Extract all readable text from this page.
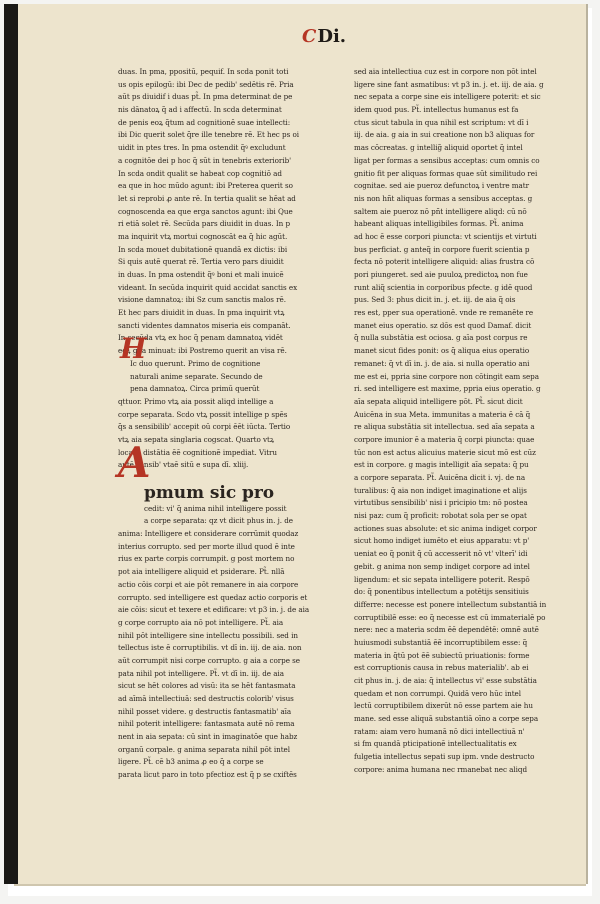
CDi.
duas. In pma, ppositū, pequif. In scda ponit toti
us opis epilogū: ibi Dec de pedib' sedētis rē. Pria
aūt ps diuidif i duas pt̃. In pma determinat de pe
nis dānatoꝝ q̃ ad i affectū. In scda determinat
de penis eoꝝ q̃tum ad cognitionē suae intellecti:
ibi Dic querit solet q̃re ille tenebre rē. Et hec ps oi
uidit in ptes tres. In pma ostendit q̃ꝰ excludunt
a cognitōe dei p hoc q̃ sūt in tenebris exteriorib'
In scda ondit qualit se habeat cop cognitiō ad
ea que in hoc mūdo agunt: ibi Preterea querit so
let si reprobi ꝓ ante rē. In tertia qualit se hēat ad
cognoscenda ea que erga sanctos agunt: ibi Que
ri etiā solet rē. Secūda pars diuidit in duas. In p
ma inquirit vtꝝ mortui cognoscāt ea q̃ hic agūt.
In scda mouet dubitationē quandā ex dictis: ibi
Si quis autē querat rē. Tertia vero pars diuidit
in duas. In pma ostendit q̃ꝰ boni et mali inuicē
videant. In secūda inquirit quid accidat sanctis ex
visione damnatoꝝ: ibi Sz cum sanctis malos rē.
Et hec pars diuidit in duas. In pma inquirit vtꝝ
sancti videntes damnatos miseria eis companāt.
In secūda vtꝝ ex hoc q̃ penam damnatoꝝ vidēt
eoꝝ glia minuat: ibi Postremo querit an visa rē.
Ic duo querunt. Primo de cognitione
naturali anime separate. Secundo de
pena damnatoꝝ. Circa primū querūt
qttuor. Primo vtꝝ aia possit aliqd intellige a
corpe separata. Scdo vtꝝ possit intellige p spēs
q̃s a sensibilib' accepit oū corpi ēēt iūcta. Tertio
vtꝝ aia sepata singlaria cogscat. Quarto vtꝝ
localis distātia ēē cognitionē impediat. Vitru
autē sensib' vtaē sitū e supa dī. xliij.
pmum sic pro
cedit: vi' q̃ anima nihil intelligere possit
a corpe separata: qz vt dicit phus in. j. de
anima: Intelligere et considerare corrūmit quodaz
interius corrupto. sed per morte illud quod ē inte
rius ex parte corpis corrumpit. g post mortem no
pot aia intelligere aliquid et psiderare. Pt̃. nllā
actio cōis corpi et aie pōt remanere in aia corpore
corrupto. sed intelligere est quedaz actio corporis et
aie cōis: sicut et texere et edificare: vt p3 in. j. de aia
g corpe corrupto aia nō pot intelligere. Pt̃. aia
nihil pōt intelligere sine intellectu possibili. sed in
tellectus iste ē corruptibilis. vt dī in. iij. de aia. non
aūt corrumpit nisi corpe corrupto. g aia a corpe se
pata nihil pot intelligere. Pt̃. vt dī in. iij. de aia
sicut se hēt colores ad visū: ita se hēt fantasmata
ad aīmā intellectiuā: sed destructis colorib' visus
nihil posset videre. g destructis fantasmatib' aīa
nihil poterit intelligere: fantasmata autē nō rema
nent in aia sepata: cū sint in imaginatōe que habz
organū corpale. g anima separata nihil pōt intel
ligere. Pt̃. cē b3 anima ꝓ eo q̃ a corpe se
parata licut paro in toto pfectioz est q̃ p se cxiftēs
sed aia intellectiua cuz est in corpore non pōt intel
ligere sine fant asmatibus: vt p3 in. j. et. iij. de aia. g
nec sepata a corpe sine eis intelligere poterit: et sic
idem quod pus. Pt̃. intellectus humanus est fa
ctus sicut tabula in qua nihil est scriptum: vt dī i
iij. de aia. g aia in sui creatione non b3 aliquas for
mas cōcreatas. g intellig̃ aliquid oportet q̃ intel
ligat per formas a sensibus acceptas: cum omnis co
gnitio fit per aliquas formas quae sūt similitudo rei
cognitae. sed aie pueroz defunctoꝝ i ventre matr
nis non hñt aliquas formas a sensibus acceptas. g
saltem aie pueroz nō pñt intelligere aliqd: cū nō
habeant aliquas intelligibiles formas. Pt̃. anima
ad hoc ē esse corpori piuncta: vt scientijs et virtuti
bus perficiat. g anteq̃ in corpore fuerit scientia p
fecta nō poterit intelligere aliquid: alias frustra cō
pori piungeret. sed aie puuloꝝ predictoꝝ non fue
runt aliq̃ scientia in corporibus pfecte. g idē quod
pus. Sed 3: phus dicit in. j. et. iij. de aia q̃ ois
res est, pper sua operationē. vnde re remanēte re
manet eius operatio. sz dōs est quod Damaf. dicit
q̃ nulla substātia est ociosa. g aīa post corpus re
manet sicut fides ponit: os q̃ aliqua eius operatio
remanet: q̃ vt dī in. j. de aia. si nulla operatio ani
me est ei, ppria sine corpore non cōtingit eam sepa
ri. sed intelligere est maxime, ppria eius operatio. g
aīa sepata aliquid intelligere pōt. Pt̃. sicut dicit
Auicēna in sua Meta. immunitas a materia ē cā q̃
re aliqua substātia sit intellectua. sed aīa sepata a
corpore imunior ē a materia q̃ corpi piuncta: quae
tūc non est actus alicuius materie sicut mō est cūz
est in corpore. g magis intelligit aīa sepata: q̃ pu
a corpore separata. Pt̃. Auicēna dicit i. vj. de na
turalibus: q̃ aia non indiget imaginatione et alijs
virtutibus sensibilib' nisi i pricipio tm: nō postea
nisi paz: cum q̃ proficit: robotat sola per se opat
actiones suas absolute: et sic anima indiget corpor
sicut homo indiget iumēto et eius apparatu: vt p'
ueniat eo q̃ ponit q̃ cū accesserit nō vt' vlterī' idi
gebit. g anima non semp indiget corpore ad intel
ligendum: et sic sepata intelligere poterit. Respō
do: q̃ ponentibus intellectum a potētijs sensitiuis
differre: necesse est ponere intellectum substantiā in
corruptibilē esse: eo q̃ necesse est cū immaterialē po
nere: nec a materia scdm ēē dependētē: omnē autē
huiusmodi substantiā ēē incorruptibilem esse: q̃
materia in q̃tū pot ēē subiectū priuationis: forme
est corruptionis causa in rebus materialib'. ab ei
cit phus in. j. de aia: q̃ intellectus vi' esse substātia
quedam et non corrumpi. Quidā vero hūc intel
lectū corruptibilem dixerūt nō esse partem aie hu
mane. sed esse aliquā substantiā oīno a corpe sepa
ratam: aiam vero humanā nō dici intellectiuā n'
si fm quandā pticipationē intellectualitatis ex
fulgetia intellectus sepati sup ipm. vnde destructo
corpore: anima humana nec rmanebat nec aliqd
H
A
